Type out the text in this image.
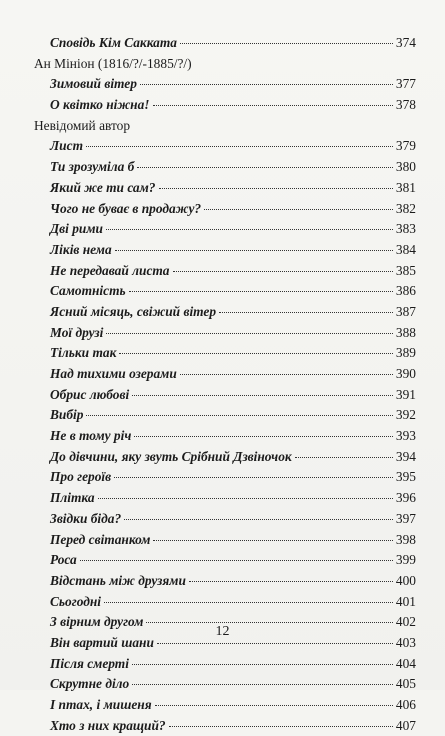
Сповідь Кім Сакката	374
Ан Мініон (1816/?/-1885/?/)
Зимовий вітер	377
О квітко ніжна!	378
Невідомий автор
Лист	379
Ти зрозуміла б	380
Який же ти сам?	381
Чого не буває в продажу?	382
Дві рими	383
Ліків нема	384
Не передавай листа	385
Самотність	386
Ясний місяць, свіжий вітер	387
Мої друзі	388
Тільки так	389
Над тихими озерами	390
Обрис любові	391
Вибір	392
Не в тому річ	393
До дівчини, яку звуть Срібний Дзвіночок	394
Про героїв	395
Плітка	396
Звідки біда?	397
Перед світанком	398
Роса	399
Відстань між друзями	400
Сьогодні	401
З вірним другом	402
Він вартий шани	403
Після смерті	404
Скрутне діло	405
І птах, і мишеня	406
Хто з них кращий?	407
12
